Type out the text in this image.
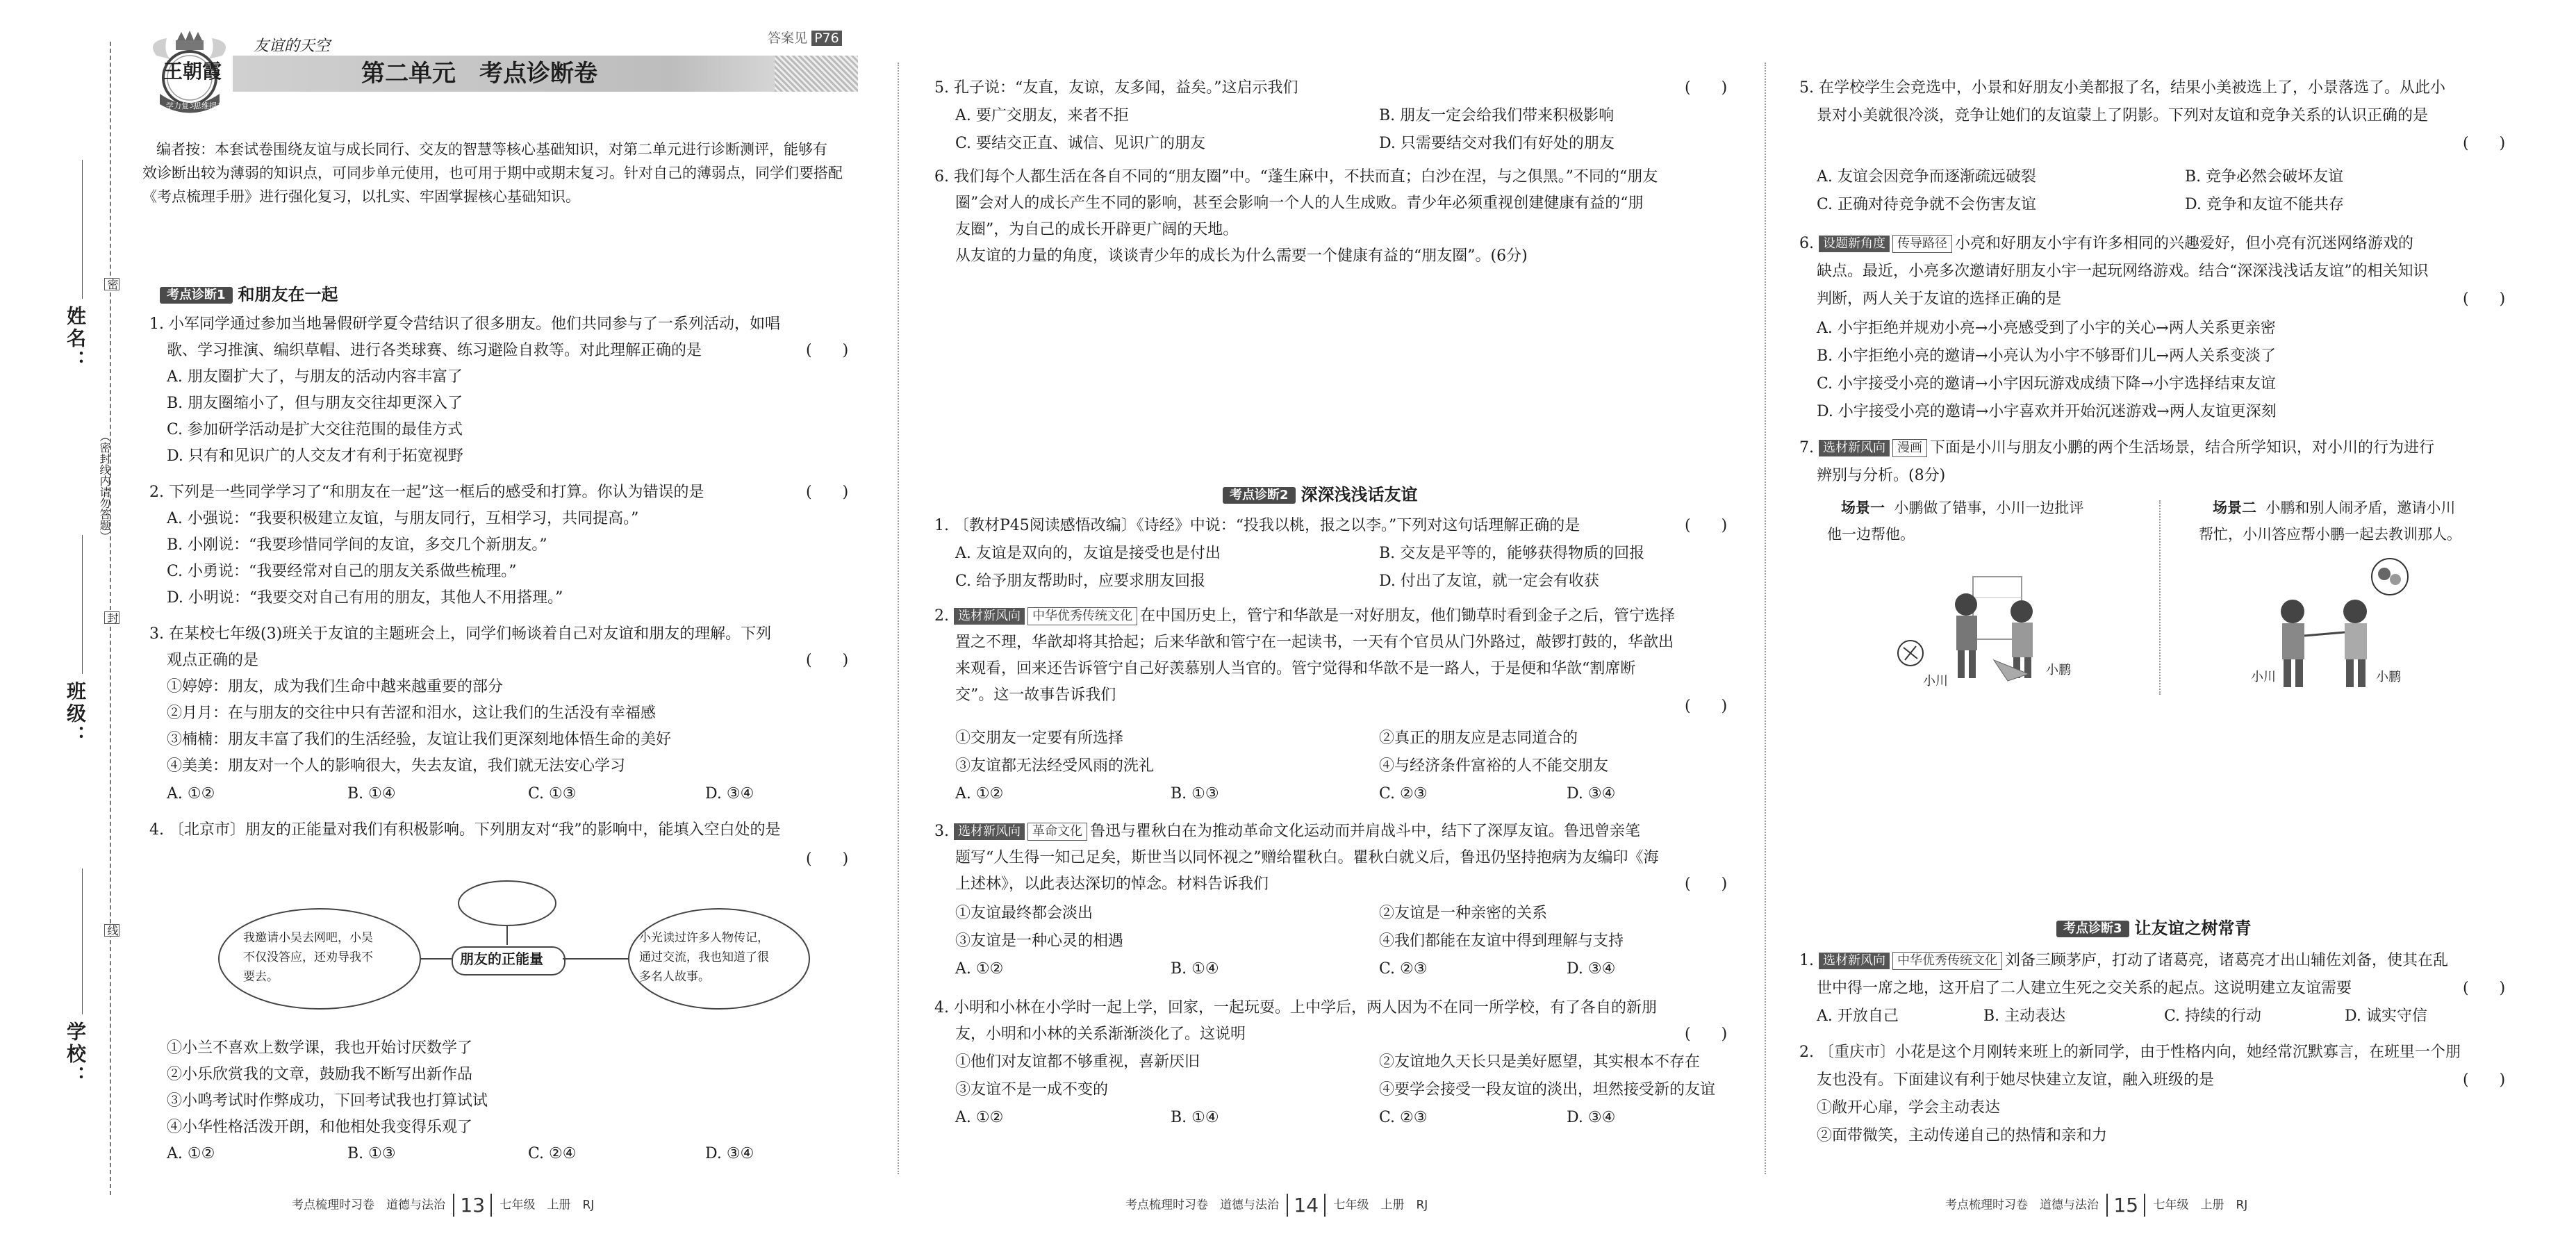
姓名：
班级：
学校：
（密封线内请勿答题）
密
封
线
王朝霞
学力复习
思维提升
友谊的天空	答案见 P76
第二单元　考点诊断卷
编者按：本套试卷围绕友谊与成长同行、交友的智慧等核心基础知识，对第二单元进行诊断测评，能够有
效诊断出较为薄弱的知识点，可同步单元使用，也可用于期中或期末复习。针对自己的薄弱点，同学们要搭配
《考点梳理手册》进行强化复习，以扎实、牢固掌握核心基础知识。
考点诊断1 和朋友在一起
1. 小军同学通过参加当地暑假研学夏令营结识了很多朋友。他们共同参与了一系列活动，如唱
歌、学习推演、编织草帽、进行各类球赛、练习避险自救等。对此理解正确的是	(　　)
A. 朋友圈扩大了，与朋友的活动内容丰富了
B. 朋友圈缩小了，但与朋友交往却更深入了
C. 参加研学活动是扩大交往范围的最佳方式
D. 只有和见识广的人交友才有利于拓宽视野
2. 下列是一些同学学习了“和朋友在一起”这一框后的感受和打算。你认为错误的是	(　　)
A. 小强说：“我要积极建立友谊，与朋友同行，互相学习，共同提高。”
B. 小刚说：“我要珍惜同学间的友谊，多交几个新朋友。”
C. 小勇说：“我要经常对自己的朋友关系做些梳理。”
D. 小明说：“我要交对自己有用的朋友，其他人不用搭理。”
3. 在某校七年级(3)班关于友谊的主题班会上，同学们畅谈着自己对友谊和朋友的理解。下列
观点正确的是	(　　)
①婷婷：朋友，成为我们生命中越来越重要的部分
②月月：在与朋友的交往中只有苦涩和泪水，这让我们的生活没有幸福感
③楠楠：朋友丰富了我们的生活经验，友谊让我们更深刻地体悟生命的美好
④美美：朋友对一个人的影响很大，失去友谊，我们就无法安心学习
A. ①②	B. ①④	C. ①③	D. ③④
4. 〔北京市〕朋友的正能量对我们有积极影响。下列朋友对“我”的影响中，能填入空白处的是
(　　)
朋友的正能量
我邀请小吴去网吧，小吴不仅没答应，还劝导我不要去。
小光读过许多人物传记，通过交流，我也知道了很多名人故事。
①小兰不喜欢上数学课，我也开始讨厌数学了
②小乐欣赏我的文章，鼓励我不断写出新作品
③小鸣考试时作弊成功，下回考试我也打算试试
④小华性格活泼开朗，和他相处我变得乐观了
A. ①②	B. ①③	C. ②④	D. ③④
考点梳理时习卷　道德与法治 13 七年级　上册　RJ
5. 孔子说：“友直，友谅，友多闻，益矣。”这启示我们	(　　)
A. 要广交朋友，来者不拒	B. 朋友一定会给我们带来积极影响
C. 要结交正直、诚信、见识广的朋友	D. 只需要结交对我们有好处的朋友
6. 我们每个人都生活在各自不同的“朋友圈”中。“蓬生麻中，不扶而直；白沙在涅，与之俱黑。”不同的“朋友
圈”会对人的成长产生不同的影响，甚至会影响一个人的人生成败。青少年必须重视创建健康有益的“朋
友圈”，为自己的成长开辟更广阔的天地。
从友谊的力量的角度，谈谈青少年的成长为什么需要一个健康有益的“朋友圈”。(6分)
考点诊断2 深深浅浅话友谊
1. 〔教材P45阅读感悟改编〕《诗经》中说：“投我以桃，报之以李。”下列对这句话理解正确的是	(　　)
A. 友谊是双向的，友谊是接受也是付出	B. 交友是平等的，能够获得物质的回报
C. 给予朋友帮助时，应要求朋友回报	D. 付出了友谊，就一定会有收获
2. 选材新风向 中华优秀传统文化 在中国历史上，管宁和华歆是一对好朋友，他们锄草时看到金子之后，管宁选择
置之不理，华歆却将其拾起；后来华歆和管宁在一起读书，一天有个官员从门外路过，敲锣打鼓的，华歆出
来观看，回来还告诉管宁自己好羡慕别人当官的。管宁觉得和华歆不是一路人，于是便和华歆“割席断
交”。这一故事告诉我们
(　　)
①交朋友一定要有所选择	②真正的朋友应是志同道合的
③友谊都无法经受风雨的洗礼	④与经济条件富裕的人不能交朋友
A. ①②	B. ①③	C. ②③	D. ③④
3. 选材新风向 革命文化 鲁迅与瞿秋白在为推动革命文化运动而并肩战斗中，结下了深厚友谊。鲁迅曾亲笔
题写“人生得一知己足矣，斯世当以同怀视之”赠给瞿秋白。瞿秋白就义后，鲁迅仍坚持抱病为友编印《海
上述林》，以此表达深切的悼念。材料告诉我们	(　　)
①友谊最终都会淡出	②友谊是一种亲密的关系
③友谊是一种心灵的相遇	④我们都能在友谊中得到理解与支持
A. ①②	B. ①④	C. ②③	D. ③④
4. 小明和小林在小学时一起上学，回家，一起玩耍。上中学后，两人因为不在同一所学校，有了各自的新朋
友，小明和小林的关系渐渐淡化了。这说明	(　　)
①他们对友谊都不够重视，喜新厌旧	②友谊地久天长只是美好愿望，其实根本不存在
③友谊不是一成不变的	④要学会接受一段友谊的淡出，坦然接受新的友谊
A. ①②	B. ①④	C. ②③	D. ③④
考点梳理时习卷　道德与法治 14 七年级　上册　RJ
5. 在学校学生会竞选中，小景和好朋友小美都报了名，结果小美被选上了，小景落选了。从此小
景对小美就很冷淡，竞争让她们的友谊蒙上了阴影。下列对友谊和竞争关系的认识正确的是
(　　)
A. 友谊会因竞争而逐渐疏远破裂	B. 竞争必然会破坏友谊
C. 正确对待竞争就不会伤害友谊	D. 竞争和友谊不能共存
6. 设题新角度 传导路径 小亮和好朋友小宇有许多相同的兴趣爱好，但小亮有沉迷网络游戏的
缺点。最近，小亮多次邀请好朋友小宇一起玩网络游戏。结合“深深浅浅话友谊”的相关知识
判断，两人关于友谊的选择正确的是	(　　)
A. 小宇拒绝并规劝小亮→小亮感受到了小宇的关心→两人关系更亲密
B. 小宇拒绝小亮的邀请→小亮认为小宇不够哥们儿→两人关系变淡了
C. 小宇接受小亮的邀请→小宇因玩游戏成绩下降→小宇选择结束友谊
D. 小宇接受小亮的邀请→小宇喜欢并开始沉迷游戏→两人友谊更深刻
7. 选材新风向 漫画 下面是小川与朋友小鹏的两个生活场景，结合所学知识，对小川的行为进行
辨别与分析。(8分)
场景一 小鹏做了错事，小川一边批评
他一边帮他。
小川
小鹏
场景二 小鹏和别人闹矛盾，邀请小川
帮忙，小川答应帮小鹏一起去教训那人。
小川	小鹏
考点诊断3 让友谊之树常青
1. 选材新风向 中华优秀传统文化 刘备三顾茅庐，打动了诸葛亮，诸葛亮才出山辅佐刘备，使其在乱
世中得一席之地，这开启了二人建立生死之交关系的起点。这说明建立友谊需要	(　　)
A. 开放自己	B. 主动表达	C. 持续的行动	D. 诚实守信
2. 〔重庆市〕小花是这个月刚转来班上的新同学，由于性格内向，她经常沉默寡言，在班里一个朋
友也没有。下面建议有利于她尽快建立友谊，融入班级的是	(　　)
①敞开心扉，学会主动表达
②面带微笑，主动传递自己的热情和亲和力
考点梳理时习卷　道德与法治 15 七年级　上册　RJ
